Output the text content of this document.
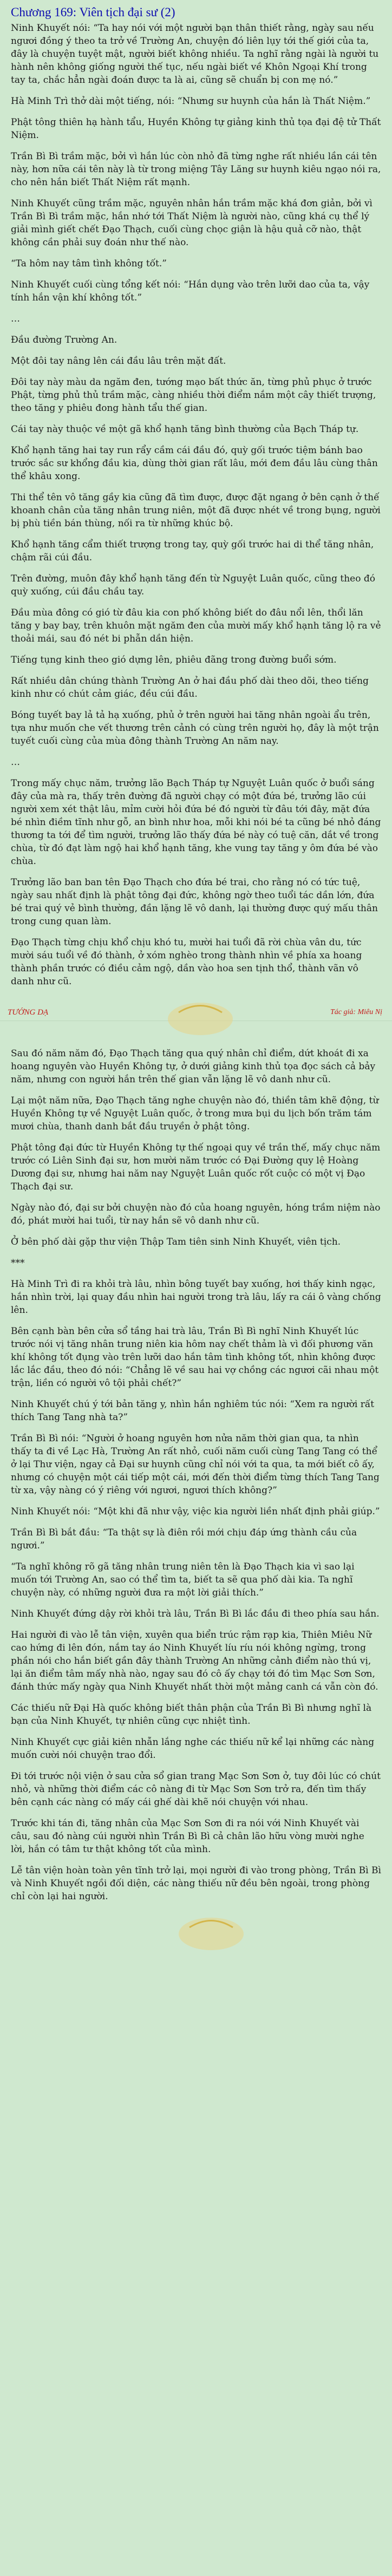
Chương 169: Viên tịch đại sư (2)

Ninh Khuyết nói: “Ta hay nói với một người bạn thân thiết rằng, ngày sau nếu ngươi đồng ý theo ta trở về Trường An, chuyện đó liên lụy tới thế giới của ta, đây là chuyện tuyệt mật, người biết không nhiều. Ta nghĩ rằng ngài là người tu hành nên không giống người thế tục, nếu ngài biết về Khôn Ngoại Khí trong tay ta, chắc hẳn ngài đoán được ta là ai, cũng sẽ chuẩn bị con mẹ nó.”

Hà Minh Trì thở dài một tiếng, nói: “Nhưng sư huynh của hắn là Thất Niệm.”

Phật tông thiên hạ hành tẩu, Huyền Không tự giảng kinh thủ tọa đại đệ tử Thất Niệm.

Trần Bì Bì trầm mặc, bởi vì hắn lúc còn nhỏ đã từng nghe rất nhiều lần cái tên này, hơn nữa cái tên này là từ trong miệng Tây Lăng sư huynh kiêu ngạo nói ra, cho nên hắn biết Thất Niệm rất mạnh.

Ninh Khuyết cũng trầm mặc, nguyên nhân hắn trầm mặc khá đơn giản, bởi vì Trần Bì Bì trầm mặc, hắn nhớ tới Thất Niệm là người nào, cũng khá cụ thể lý giải mình giết chết Đạo Thạch, cuối cùng chọc giận là hậu quả cỡ nào, thật không cần phải suy đoán như thế nào.

“Ta hôm nay tâm tình không tốt.”

Ninh Khuyết cuối cùng tổng kết nói: “Hắn dụng vào trên lưỡi dao của ta, vậy tính hắn vận khí không tốt.”

…

Đầu đường Trường An.

Một đôi tay nâng lên cái đầu lâu trên mặt đất.

Đôi tay này màu da ngăm đen, tướng mạo bất thức ăn, từng phủ phục ở trước Phật, từng phủ thủ trầm mặc, càng nhiều thời điểm nắm một cây thiết trượng, theo tăng y phiêu đong hành tẩu thế gian.

Cái tay này thuộc về một gã khổ hạnh tăng bình thường của Bạch Tháp tự.

Khổ hạnh tăng hai tay run rẩy cầm cái đầu đó, quỳ gối trước tiệm bánh bao trước sắc sư khổng đầu kia, dùng thời gian rất lâu, mới đem đầu lâu cùng thân thể khâu xong.

Thi thể tên vô tăng gầy kia cũng đã tìm được, được đặt ngang ở bên cạnh ở thế khoanh chân của tăng nhân trung niên, một đã được nhét về trong bụng, người bị phù tiền bán thùng, nối ra từ những khúc bộ.

Khổ hạnh tăng cẩm thiết trượng trong tay, quỳ gối trước hai di thể tăng nhân, chậm rãi cúi đầu.

Trên đường, muôn đây khổ hạnh tăng đến từ Nguyệt Luân quốc, cũng theo đó quỳ xuống, cúi đầu chầu tay.

Đầu mùa đông có gió từ đâu kia con phố không biết do đâu nổi lên, thổi lăn tăng y bay bay, trên khuôn mặt ngăm đen của mười mấy khổ hạnh tăng lộ ra vẻ thoải mái, sau đó nét bi phẫn dần hiện.

Tiếng tụng kinh theo gió dựng lên, phiêu đãng trong đường buổi sớm.

Rất nhiều dân chúng thành Trường An ở hai đầu phố dài theo dõi, theo tiếng kinh như có chút cảm giác, đều cúi đầu.

Bóng tuyết bay lả tả hạ xuống, phủ ở trên người hai tăng nhân ngoài ẩu trên, tựa như muốn che vết thương trên cảnh có cùng trên người họ, đây là một trận tuyết cuối cùng của mùa đông thành Trường An năm nay.

…

Trong mấy chục năm, trưởng lão Bạch Tháp tự Nguyệt Luân quốc ở buổi sáng đây của mà ra, thấy trên đường đã người chạy có một đứa bé, trưởng lão cúi người xem xét thật lâu, mỉm cười hỏi đứa bé đó người từ đâu tới đây, mặt đứa bé nhìn điềm tĩnh như gỗ, an bình như hoa, mỗi khi nói bé ta cũng bé nhỏ đáng thương ta tới để tìm người, trưởng lão thấy đứa bé này có tuệ căn, dắt về trong chùa, từ đó đạt làm ngộ hai khổ hạnh tăng, khe vung tay tăng y ôm đứa bé vào chùa.

Trưởng lão ban ban tên Đạo Thạch cho đứa bé trai, cho rằng nó có tức tuệ, ngày sau nhất định là phật tông đại đức, không ngờ theo tuổi tác dần lớn, đứa bé trai quý vẻ bình thường, đần lặng lẽ vô danh, lại thường được quý mấu thân trong cung quan làm.

Đạo Thạch từng chịu khổ chịu khó tu, mười hai tuổi đã rời chùa vân du, tức mười sáu tuổi về đó thành, ở xóm nghèo trong thành nhìn về phía xa hoang thành phần trước có điều cảm ngộ, dần vào hoa sen tịnh thổ, thành vãn vô danh như cũ.

TƯỚNG DẠ	Tác giả: Miêu Nị

Sau đó năm năm đó, Đạo Thạch tăng qua quý nhân chỉ điểm, dứt khoát đi xa hoang nguyên vào Huyền Không tự, ở dưới giảng kinh thủ tọa đọc sách cả bảy năm, nhưng con người hắn trên thế gian vẫn lặng lẽ vô danh như cũ.

Lại một năm nữa, Đạo Thạch tăng nghe chuyện nào đó, thiền tâm khẽ động, từ Huyền Không tự về Nguyệt Luân quốc, ở trong mưa bụi du lịch bốn trăm tám mươi chùa, thanh danh bắt đầu truyền ở phật tông.

Phật tông đại đức từ Huyền Không tự thế ngoại quy về trần thế, mấy chục năm trước có Liên Sinh đại sư, hơn mười năm trước có Đại Đường quy lệ Hoàng Dương đại sư, nhưng hai năm nay Nguyệt Luân quốc rốt cuộc có một vị Đạo Thạch đại sư.

Ngày nào đó, đại sư bởi chuyện nào đó của hoang nguyên, hóng trầm niệm nào đó, phát mười hai tuổi, từ nay hắn sẽ vô danh như cũ.

Ở bên phố dài gặp thư viện Thập Tam tiên sinh Ninh Khuyết, viên tịch.

***

Hà Minh Trì đi ra khỏi trà lâu, nhìn bông tuyết bay xuống, hơi thấy kinh ngạc, hắn nhìn trời, lại quay đầu nhìn hai người trong trà lâu, lấy ra cái ô vàng chống lên.

Bên cạnh bàn bên cửa sổ tầng hai trà lâu, Trần Bì Bì nghĩ Ninh Khuyết lúc trước nói vị tăng nhân trung niên kia hôm nay chết thảm là vì đối phương văn khí không tốt đụng vào trên lưỡi dao hắn tâm tình không tốt, nhìn không được lắc lắc đầu, theo đó nói: “Chẳng lẽ về sau hai vợ chồng các ngươi cãi nhau một trận, liền có người vô tội phải chết?”

Ninh Khuyết chú ý tới bản tăng y, nhìn hắn nghiêm túc nói: “Xem ra người rất thích Tang Tang nhà ta?”

Trần Bì Bì nói: “Người ở hoang nguyên hơn nửa năm thời gian qua, ta nhìn thấy ta đi về Lạc Hà, Trường An rất nhỏ, cuối năm cuối cùng Tang Tang có thể ở lại Thư viện, ngay cả Đại sư huynh cũng chỉ nói với ta qua, ta mới biết cô ấy, nhưng có chuyện một cái tiếp một cái, mới đến thời điểm từng thích Tang Tang từ xa, vậy nàng có ý riêng với ngươi, ngươi thích không?”

Ninh Khuyết nói: “Một khi đã như vậy, việc kia người liền nhất định phải giúp.”

Trần Bì Bì bắt đầu: “Ta thật sự là điên rồi mới chịu đáp ứng thành cầu của ngươi.”

“Ta nghĩ không rõ gã tăng nhân trung niên tên là Đạo Thạch kia vì sao lại muốn tới Trường An, sao có thể tìm ta, biết ta sẽ qua phố dài kia. Ta nghĩ chuyện này, có những người đưa ra một lời giải thích.”

Ninh Khuyết đứng dậy rời khỏi trà lâu, Trần Bì Bì lắc đầu đi theo phía sau hắn.

Hai người đi vào lễ tân viện, xuyên qua biển trúc rậm rạp kia, Thiên Miêu Nữ cao hứng đi lên đón, nắm tay áo Ninh Khuyết líu ríu nói không ngừng, trong phần nói cho hắn biết gần đây thành Trường An những cảnh điểm nào thú vị, lại ăn điểm tâm mấy nhà nào, ngay sau đó cô ấy chạy tới đó tìm Mạc Sơn Sơn, đánh thức mấy ngày qua Ninh Khuyết nhất thời một mảng canh cá vẫn còn đó.

Các thiếu nữ Đại Hà quốc không biết thân phận của Trần Bì Bì nhưng nghĩ là bạn của Ninh Khuyết, tự nhiên cũng cực nhiệt tình.

Ninh Khuyết cực giải kiên nhẫn lắng nghe các thiếu nữ kể lại những các nàng muốn cười nói chuyện trao đổi.

Đi tới trước nội viện ở sau cửa sổ gian trang Mạc Sơn Sơn ở, tuy đôi lúc có chút nhỏ, và những thời điểm các cô nàng đi từ Mạc Sơn Sơn trở ra, đến tìm thấy bên cạnh các nàng có mấy cái ghế dài khẽ nói chuyện với nhau.

Trước khi tán đi, tăng nhân của Mạc Sơn Sơn đi ra nói với Ninh Khuyết vài câu, sau đó nàng cúi người nhìn Trần Bì Bì cả chân lão hữu vòng mười nghe lời, hắn có tâm tư thật không tốt của mình.

Lễ tân viện hoàn toàn yên tĩnh trở lại, mọi người đi vào trong phòng, Trần Bì Bì và Ninh Khuyết ngồi đối diện, các nàng thiếu nữ đều bên ngoài, trong phòng chỉ còn lại hai người.
